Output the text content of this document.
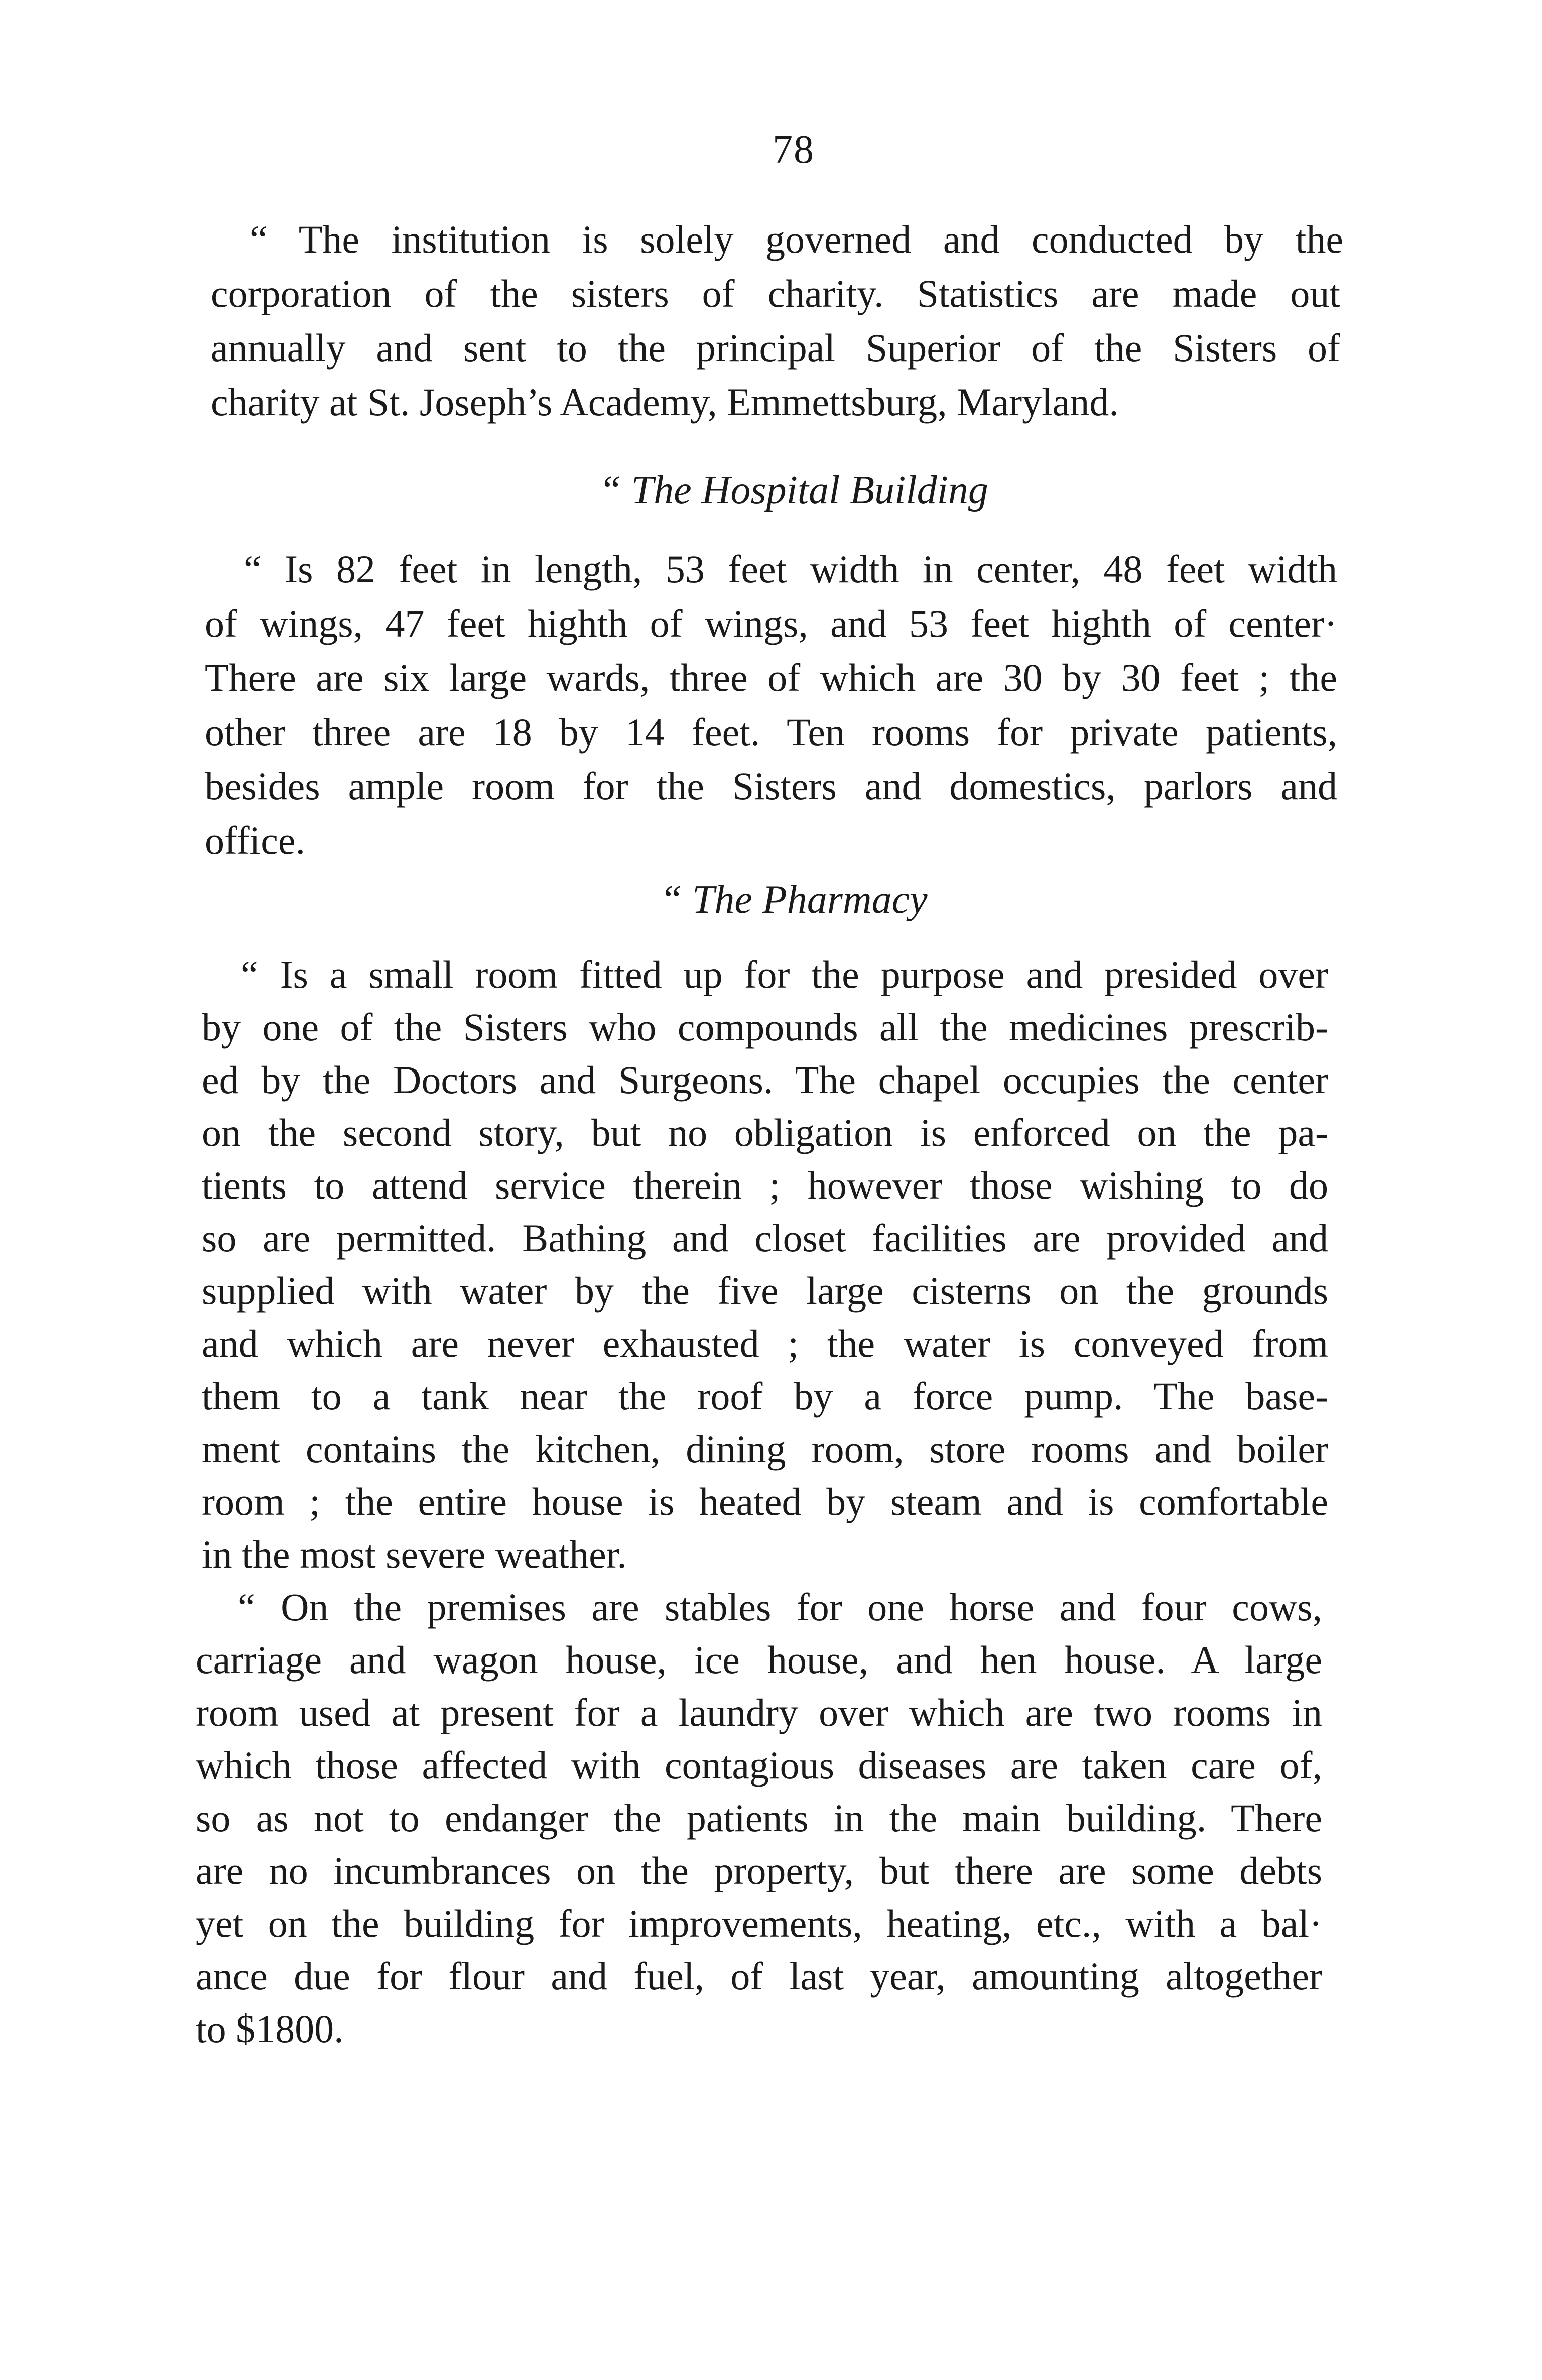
78
“ The institution is solely governed and conducted by the
corporation of the sisters of charity. Statistics are made out
annually and sent to the principal Superior of the Sisters of
charity at St. Joseph’s Academy, Emmettsburg, Maryland.
“ The Hospital Building
“ Is 82 feet in length, 53 feet width in center, 48 feet width
of wings, 47 feet highth of wings, and 53 feet highth of center·
There are six large wards, three of which are 30 by 30 feet ; the
other three are 18 by 14 feet. Ten rooms for private patients,
besides ample room for the Sisters and domestics, parlors and
office.
“ The Pharmacy
“ Is a small room fitted up for the purpose and presided over
by one of the Sisters who compounds all the medicines prescrib-
ed by the Doctors and Surgeons. The chapel occupies the center
on the second story, but no obligation is enforced on the pa-
tients to attend service therein ; however those wishing to do
so are permitted. Bathing and closet facilities are provided and
supplied with water by the five large cisterns on the grounds
and which are never exhausted ; the water is conveyed from
them to a tank near the roof by a force pump. The base-
ment contains the kitchen, dining room, store rooms and boiler
room ; the entire house is heated by steam and is comfortable
in the most severe weather.
“ On the premises are stables for one horse and four cows,
carriage and wagon house, ice house, and hen house. A large
room used at present for a laundry over which are two rooms in
which those affected with contagious diseases are taken care of,
so as not to endanger the patients in the main building. There
are no incumbrances on the property, but there are some debts
yet on the building for improvements, heating, etc., with a bal·
ance due for flour and fuel, of last year, amounting altogether
to $1800.
